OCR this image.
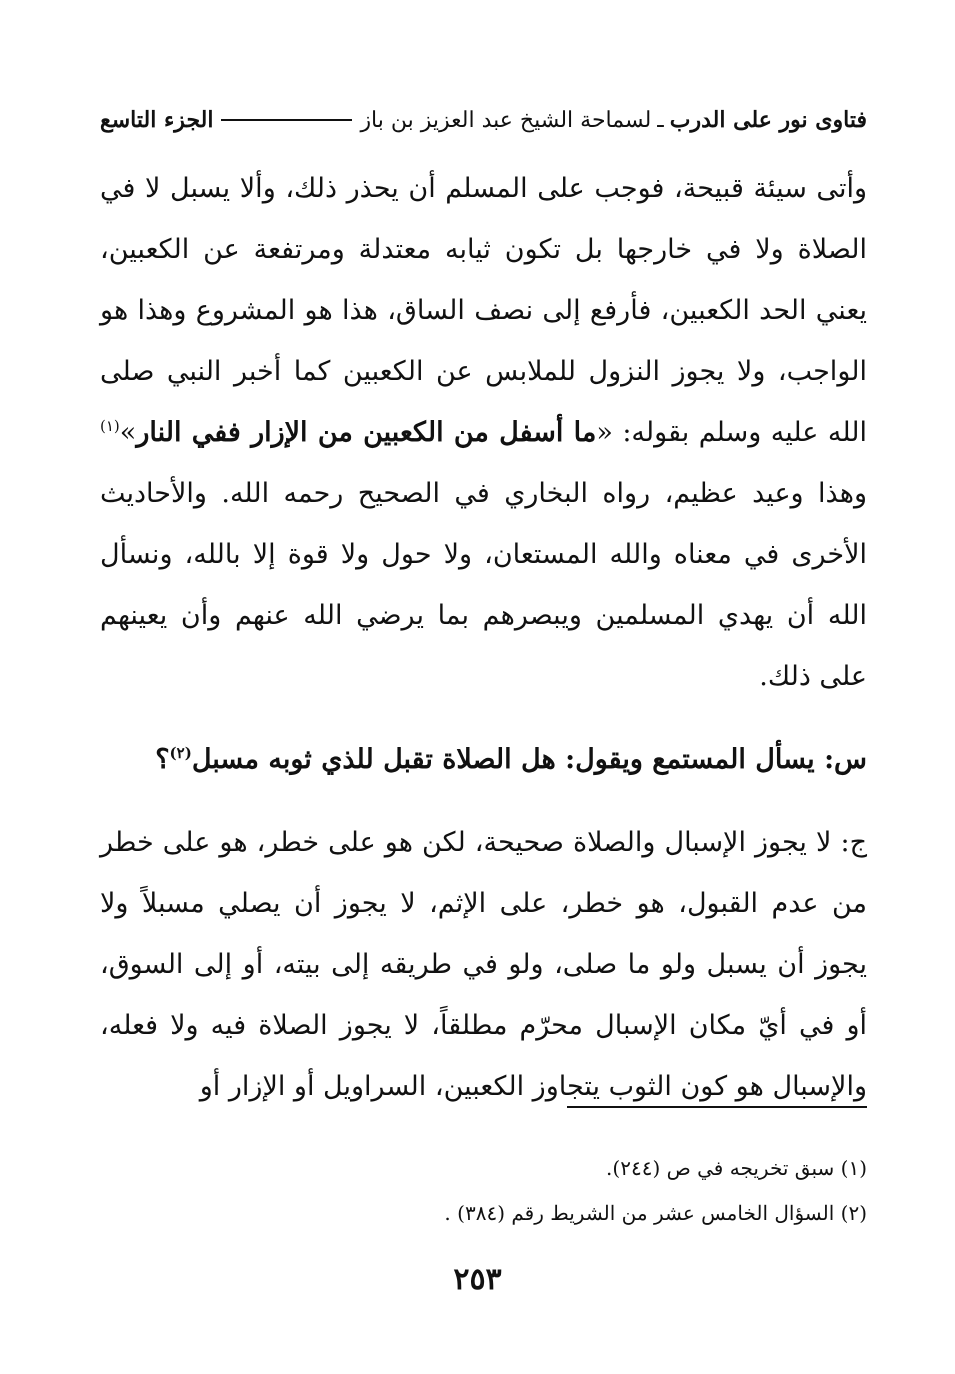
فتاوى نور على الدرب
ـ
لسماحة الشيخ عبد العزيز بن باز
الجزء التاسع

وأتى سيئة قبيحة، فوجب على المسلم أن يحذر ذلك، وألا يسبل لا في الصلاة ولا في خارجها بل تكون ثيابه معتدلة ومرتفعة عن الكعبين، يعني الحد الكعبين، فأرفع إلى نصف الساق، هذا هو المشروع وهذا هو الواجب، ولا يجوز النزول للملابس عن الكعبين كما أخبر النبي صلى الله عليه وسلم بقوله: «ما أسفل من الكعبين من الإزار ففي النار»$^{(١)}$ وهذا وعيد عظيم، رواه البخاري في الصحيح رحمه الله. والأحاديث الأخرى في معناه والله المستعان، ولا حول ولا قوة إلا بالله، ونسأل الله أن يهدي المسلمين ويبصرهم بما يرضي الله عنهم وأن يعينهم على ذلك.

س: يسأل المستمع ويقول: هل الصلاة تقبل للذي ثوبه مسبل$^{(٢)}$؟

ج: لا يجوز الإسبال والصلاة صحيحة، لكن هو على خطر، هو على خطر من عدم القبول، هو خطر، على الإثم، لا يجوز أن يصلي مسبلاً ولا يجوز أن يسبل ولو ما صلى، ولو في طريقه إلى بيته، أو إلى السوق، أو في أيّ مكان الإسبال محرّم مطلقاً، لا يجوز الصلاة فيه ولا فعله، والإسبال هو كون الثوب يتجاوز الكعبين، السراويل أو الإزار أو

(١) سبق تخريجه في ص (٢٤٤).

(٢) السؤال الخامس عشر من الشريط رقم (٣٨٤) .

٢٥٣
